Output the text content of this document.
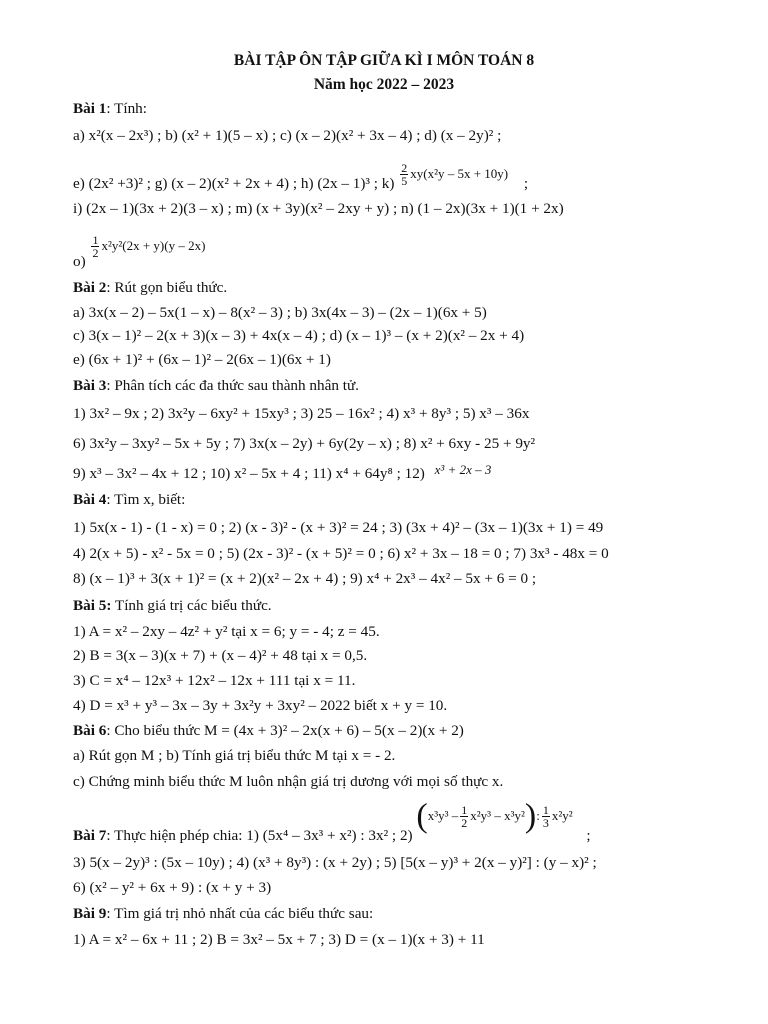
BÀI TẬP ÔN TẬP GIỮA KÌ I MÔN TOÁN 8
Năm học 2022 – 2023
Bài 1: Tính:
a) x²(x – 2x³) ; b) (x² + 1)(5 – x) ; c) (x – 2)(x² + 3x – 4) ; d) (x – 2y)² ;
e) (2x² +3)² ; g) (x – 2)(x² + 2x + 4) ; h) (2x – 1)³ ; $k) \frac{2}{5} xy(x^2y - 5x + 10y)$ ;
i) (2x – 1)(3x + 2)(3 – x) ; m) (x + 3y)(x² – 2xy + y) ; n) (1 – 2x)(3x + 1)(1 + 2x)
o)
$\frac{1}{2} x^2y^2(2x + y)(y - 2x)$
Bài 2: Rút gọn biểu thức.
a) 3x(x – 2) – 5x(1 – x) – 8(x² – 3) ; b) 3x(4x – 3) – (2x – 1)(6x + 5)
c) 3(x – 1)² – 2(x + 3)(x – 3) + 4x(x – 4) ; d) (x – 1)³ – (x + 2)(x² – 2x + 4)
e) (6x + 1)² + (6x – 1)² – 2(6x – 1)(6x + 1)
Bài 3: Phân tích các đa thức sau thành nhân tử.
1) 3x² – 9x ; 2) 3x²y – 6xy² + 15xy³ ; 3) 25 – 16x² ; 4) x³ + 8y³ ; 5) x³ – 36x
6) 3x²y – 3xy² – 5x + 5y ; 7) 3x(x – 2y) + 6y(2y – x) ; 8) x² + 6xy - 25 + 9y²
9) x³ – 3x² – 4x + 12 ; 10) x² – 5x + 4 ; 11) x⁴ + 64y⁸ ; 12) x³ + 2x – 3
Bài 4: Tìm x, biết:
1) 5x(x - 1) - (1 - x) = 0 ; 2) (x - 3)² - (x + 3)² = 24 ; 3) (3x + 4)² – (3x – 1)(3x + 1) = 49
4) 2(x + 5) - x² - 5x = 0 ; 5) (2x - 3)² - (x + 5)² = 0 ; 6) x² + 3x – 18 = 0 ; 7) 3x³ - 48x = 0
8) (x – 1)³ + 3(x + 1)² = (x + 2)(x² – 2x + 4) ; 9) x⁴ + 2x³ – 4x² – 5x + 6 = 0 ;
Bài 5: Tính giá trị các biểu thức.
1) A = x² – 2xy – 4z² + y² tại x = 6; y = - 4; z = 45.
2) B = 3(x – 3)(x + 7) + (x – 4)² + 48 tại x = 0,5.
3) C = x⁴ – 12x³ + 12x² – 12x + 111 tại x = 11.
4) D = x³ + y³ – 3x – 3y + 3x²y + 3xy² – 2022 biết x + y = 10.
Bài 6: Cho biểu thức M = (4x + 3)² – 2x(x + 6) – 5(x – 2)(x + 2)
a) Rút gọn M ; b) Tính giá trị biểu thức M tại x = - 2.
c) Chứng minh biểu thức M luôn nhận giá trị dương với mọi số thực x.
Bài 7: Thực hiện phép chia: 1) (5x⁴ – 3x³ + x²) : 3x² ; 2) $(x^3y^3 - \frac{1}{2} x^2y^3 - x^3y^2)$: $\frac{1}{3} x^2y^2$ ;
3) 5(x – 2y)³ : (5x – 10y) ; 4) (x³ + 8y³) : (x + 2y) ; 5) [5(x – y)³ + 2(x – y)²] : (y – x)² ;
6) (x² – y² + 6x + 9) : (x + y + 3)
Bài 9: Tìm giá trị nhỏ nhất của các biểu thức sau:
1) A = x² – 6x + 11 ; 2) B = 3x² – 5x + 7 ; 3) D = (x – 1)(x + 3) + 11
